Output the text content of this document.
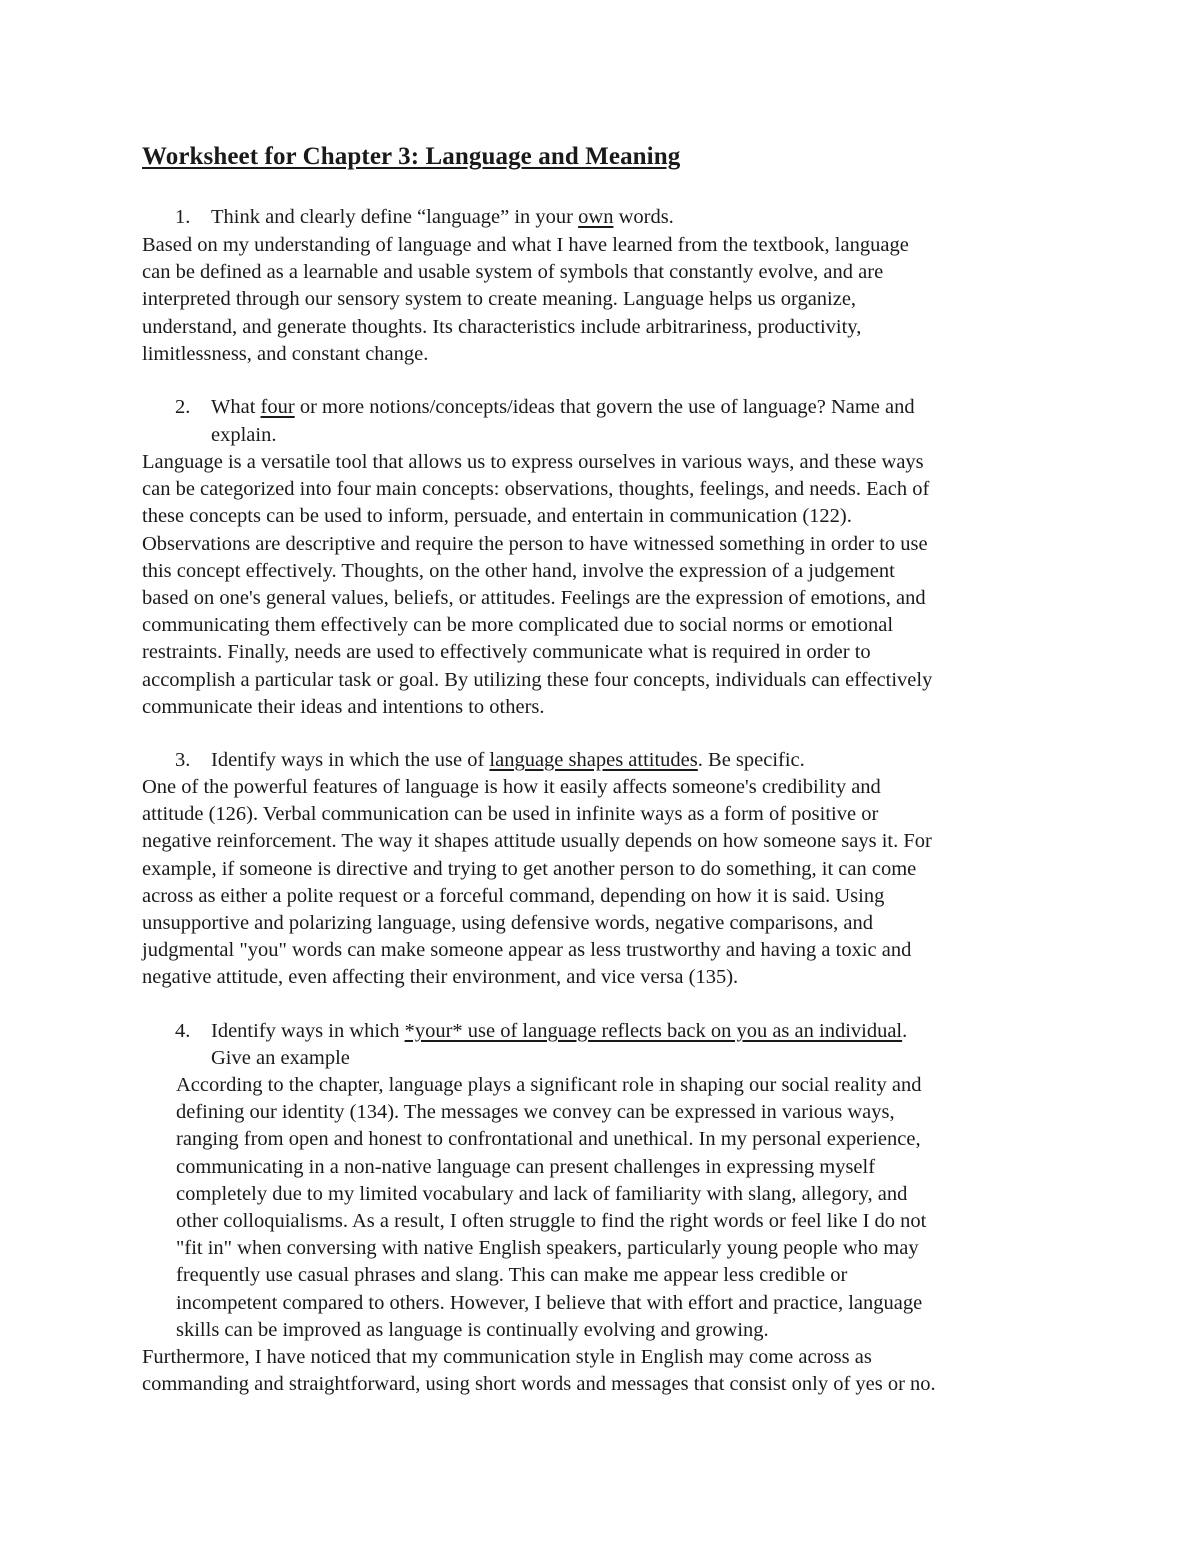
Worksheet for Chapter 3: Language and Meaning
1. Think and clearly define “language” in your own words.
Based on my understanding of language and what I have learned from the textbook, language
can be defined as a learnable and usable system of symbols that constantly evolve, and are
interpreted through our sensory system to create meaning. Language helps us organize,
understand, and generate thoughts. Its characteristics include arbitrariness, productivity,
limitlessness, and constant change.
2. What four or more notions/concepts/ideas that govern the use of language? Name and
explain.
Language is a versatile tool that allows us to express ourselves in various ways, and these ways
can be categorized into four main concepts: observations, thoughts, feelings, and needs. Each of
these concepts can be used to inform, persuade, and entertain in communication (122).
Observations are descriptive and require the person to have witnessed something in order to use
this concept effectively. Thoughts, on the other hand, involve the expression of a judgement
based on one's general values, beliefs, or attitudes. Feelings are the expression of emotions, and
communicating them effectively can be more complicated due to social norms or emotional
restraints. Finally, needs are used to effectively communicate what is required in order to
accomplish a particular task or goal. By utilizing these four concepts, individuals can effectively
communicate their ideas and intentions to others.
3. Identify ways in which the use of language shapes attitudes. Be specific.
One of the powerful features of language is how it easily affects someone's credibility and
attitude (126). Verbal communication can be used in infinite ways as a form of positive or
negative reinforcement. The way it shapes attitude usually depends on how someone says it. For
example, if someone is directive and trying to get another person to do something, it can come
across as either a polite request or a forceful command, depending on how it is said. Using
unsupportive and polarizing language, using defensive words, negative comparisons, and
judgmental "you" words can make someone appear as less trustworthy and having a toxic and
negative attitude, even affecting their environment, and vice versa (135).
4. Identify ways in which *your* use of language reflects back on you as an individual.
Give an example
According to the chapter, language plays a significant role in shaping our social reality and
defining our identity (134). The messages we convey can be expressed in various ways,
ranging from open and honest to confrontational and unethical. In my personal experience,
communicating in a non-native language can present challenges in expressing myself
completely due to my limited vocabulary and lack of familiarity with slang, allegory, and
other colloquialisms. As a result, I often struggle to find the right words or feel like I do not
"fit in" when conversing with native English speakers, particularly young people who may
frequently use casual phrases and slang. This can make me appear less credible or
incompetent compared to others. However, I believe that with effort and practice, language
skills can be improved as language is continually evolving and growing.
Furthermore, I have noticed that my communication style in English may come across as
commanding and straightforward, using short words and messages that consist only of yes or no.
